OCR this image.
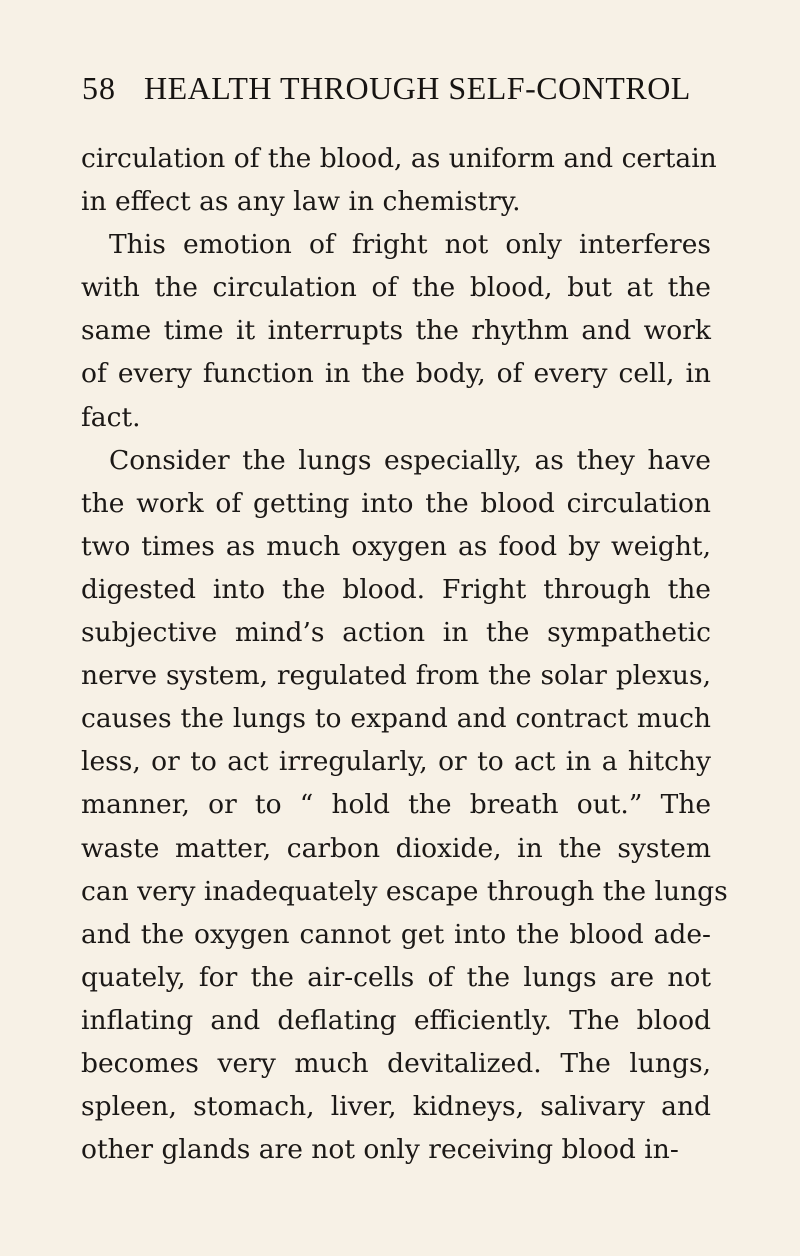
58 HEALTH THROUGH SELF-CONTROL
circulation of the blood, as uniform and certain
in effect as any law in chemistry.
This emotion of fright not only interferes
with the circulation of the blood, but at the
same time it interrupts the rhythm and work
of every function in the body, of every cell, in
fact.
Consider the lungs especially, as they have
the work of getting into the blood circulation
two times as much oxygen as food by weight,
digested into the blood. Fright through the
subjective mind’s action in the sympathetic
nerve system, regulated from the solar plexus,
causes the lungs to expand and contract much
less, or to act irregularly, or to act in a hitchy
manner, or to “ hold the breath out.” The
waste matter, carbon dioxide, in the system
can very inadequately escape through the lungs
and the oxygen cannot get into the blood ade-
quately, for the air-cells of the lungs are not
inflating and deflating efficiently. The blood
becomes very much devitalized. The lungs,
spleen, stomach, liver, kidneys, salivary and
other glands are not only receiving blood in-
